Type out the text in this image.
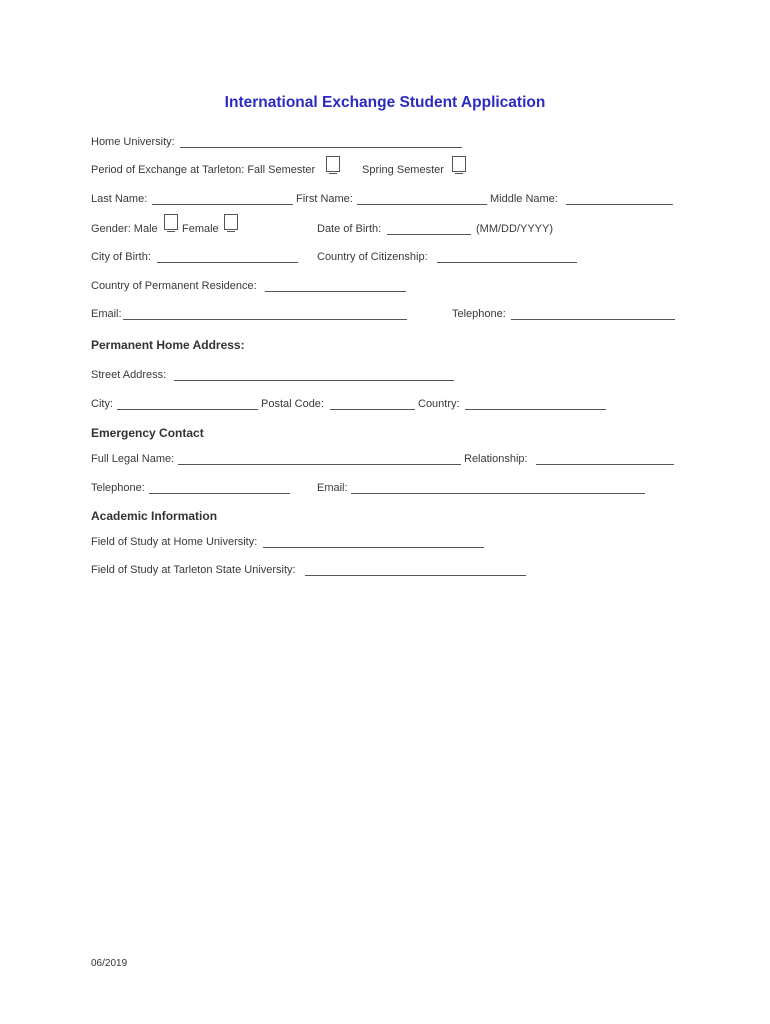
International Exchange Student Application
Home University:
Period of Exchange at Tarleton: Fall Semester	Spring Semester
Last Name:	First Name:	Middle Name:
Gender: Male Female	Date of Birth:	(MM/DD/YYYY)
City of Birth:	Country of Citizenship:
Country of Permanent Residence:
Email:	Telephone:
Permanent Home Address:
Street Address:
City:	Postal Code:	Country:
Emergency Contact
Full Legal Name:	Relationship:
Telephone:	Email:
Academic Information
Field of Study at Home University:
Field of Study at Tarleton State University:
06/2019
